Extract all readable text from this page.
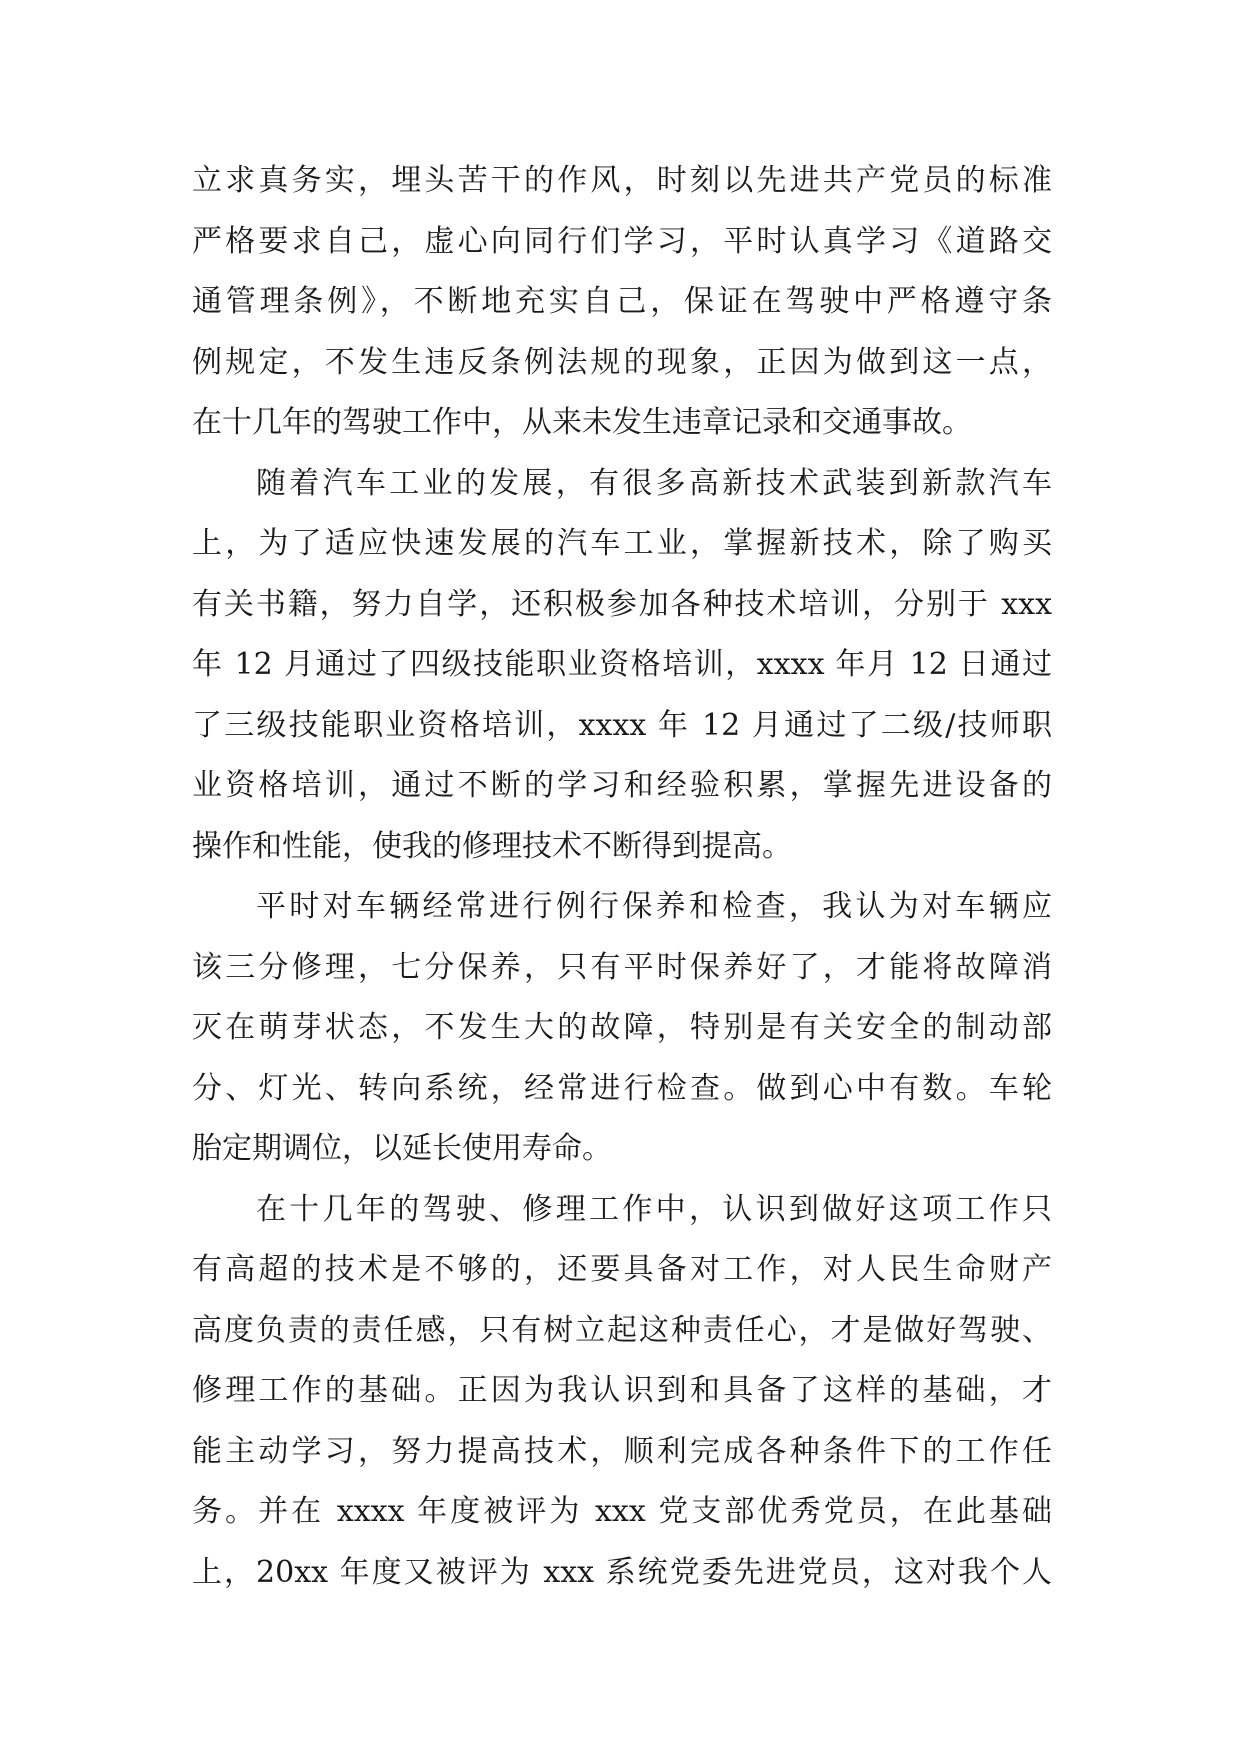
立求真务实，埋头苦干的作风，时刻以先进共产党员的标准
严格要求自己，虚心向同行们学习，平时认真学习《道路交
通管理条例》，不断地充实自己，保证在驾驶中严格遵守条
例规定，不发生违反条例法规的现象，正因为做到这一点，
在十几年的驾驶工作中，从来未发生违章记录和交通事故。
随着汽车工业的发展，有很多高新技术武装到新款汽车
上，为了适应快速发展的汽车工业，掌握新技术，除了购买
有关书籍，努力自学，还积极参加各种技术培训，分别于 xxx
年 12 月通过了四级技能职业资格培训，xxxx 年月 12 日通过
了三级技能职业资格培训，xxxx 年 12 月通过了二级/技师职
业资格培训，通过不断的学习和经验积累，掌握先进设备的
操作和性能，使我的修理技术不断得到提高。
平时对车辆经常进行例行保养和检查，我认为对车辆应
该三分修理，七分保养，只有平时保养好了，才能将故障消
灭在萌芽状态，不发生大的故障，特别是有关安全的制动部
分、灯光、转向系统，经常进行检查。做到心中有数。车轮
胎定期调位，以延长使用寿命。
在十几年的驾驶、修理工作中，认识到做好这项工作只
有高超的技术是不够的，还要具备对工作，对人民生命财产
高度负责的责任感，只有树立起这种责任心，才是做好驾驶、
修理工作的基础。正因为我认识到和具备了这样的基础，才
能主动学习，努力提高技术，顺利完成各种条件下的工作任
务。并在 xxxx 年度被评为 xxx 党支部优秀党员，在此基础
上，20xx 年度又被评为 xxx 系统党委先进党员，这对我个人
